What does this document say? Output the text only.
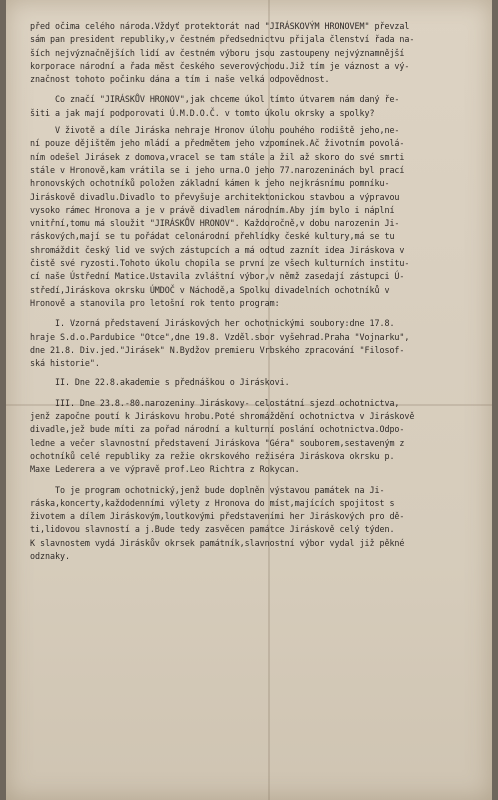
před očima celého národa.Vždyť protektorát nad "JIRÁSKOVÝM HRONOVEM" převzal
sám pan president republiky,v čestném předsednictvu přijala členství řada na-
ších nejvýznačnějších lidí av čestném výboru jsou zastoupeny nejvýznamnější
korporace národní a řada měst českého severovýchodu.Již tím je váznost a vý-
značnost tohoto počinku dána a tím i naše velká odpovědnost.
Co značí "JIRÁSKŮV HRONOV",jak chceme úkol tímto útvarem nám daný ře-
šiti a jak mají podporovati Ú.M.D.O.Č. v tomto úkolu okrsky a spolky?
V životě a díle Jiráska nehraje Hronov úlohu pouhého rodiště jeho,ne-
ní pouze dějištěm jeho mládí a předmětem jeho vzpomínek.Ač životním povolá-
ním odešel Jirásek z domova,vracel se tam stále a žil až skoro do své smrti
stále v Hronově,kam vrátila se i jeho urna.O jeho 77.narozeninách byl prací
hronovských ochotníků položen základní kámen k jeho nejkrásnímu pomníku-
Jiráskově divadlu.Divadlo to převyšuje architektonickou stavbou a výpravou
vysoko rámec Hronova a je v právě divadlem národním.Aby jím bylo i náplní
vnitřní,tomu má sloužit "JIRÁSKŮV HRONOV". Každoročně,v dobu narozenin Ji-
ráskových,mají se tu pořádat celonárodní přehlídky české kultury,má se tu
shromáždit český lid ve svých zástupcích a má odtud zaznít idea Jiráskova v
čistě své ryzosti.Tohoto úkolu chopila se první ze všech kulturních institu-
cí naše Ústřední Matice.Ustavila zvláštní výbor,v němž zasedají zástupci Ú-
středí,Jiráskova okrsku ÚMDOČ v Náchodě,a Spolku divadelních ochotníků v
Hronově a stanovila pro letošní rok tento program:
I. Vzorná představení Jiráskových her ochotnickými soubory:dne 17.8.
hraje S.d.o.Pardubice "Otce",dne 19.8. Vzděl.sbor vyšehrad.Praha "Vojnarku",
dne 21.8. Div.jed."Jirásek" N.Bydžov premieru Vrbského zpracování "Filosof-
ská historie".
II. Dne 22.8.akademie s přednáškou o Jiráskovi.
III. Dne 23.8.-80.narozeniny Jiráskovy- celostátní sjezd ochotnictva,
jenž započne poutí k Jiráskovu hrobu.Poté shromáždění ochotnictva v Jiráskově
divadle,jež bude míti za pořad národní a kulturní poslání ochotnictva.Odpo-
ledne a večer slavnostní představení Jiráskova "Géra" souborem,sestaveným z
ochotníků celé republiky za režie okrskového režiséra Jiráskova okrsku p.
Maxe Lederera a ve výpravě prof.Leo Richtra z Rokycan.
To je program ochotnický,jenž bude doplněn výstavou památek na Ji-
ráska,koncerty,každodenními výlety z Hronova do míst,majících spojitost s
životem a dílem Jiráskovým,loutkovými představeními her Jiráskových pro dě-
ti,lidovou slavností a j.Bude tedy zasvěcen památce Jiráskově celý týden.
K slavnostem vydá Jiráskův okrsek památník,slavnostní výbor vydal již pěkné
odznaky.
